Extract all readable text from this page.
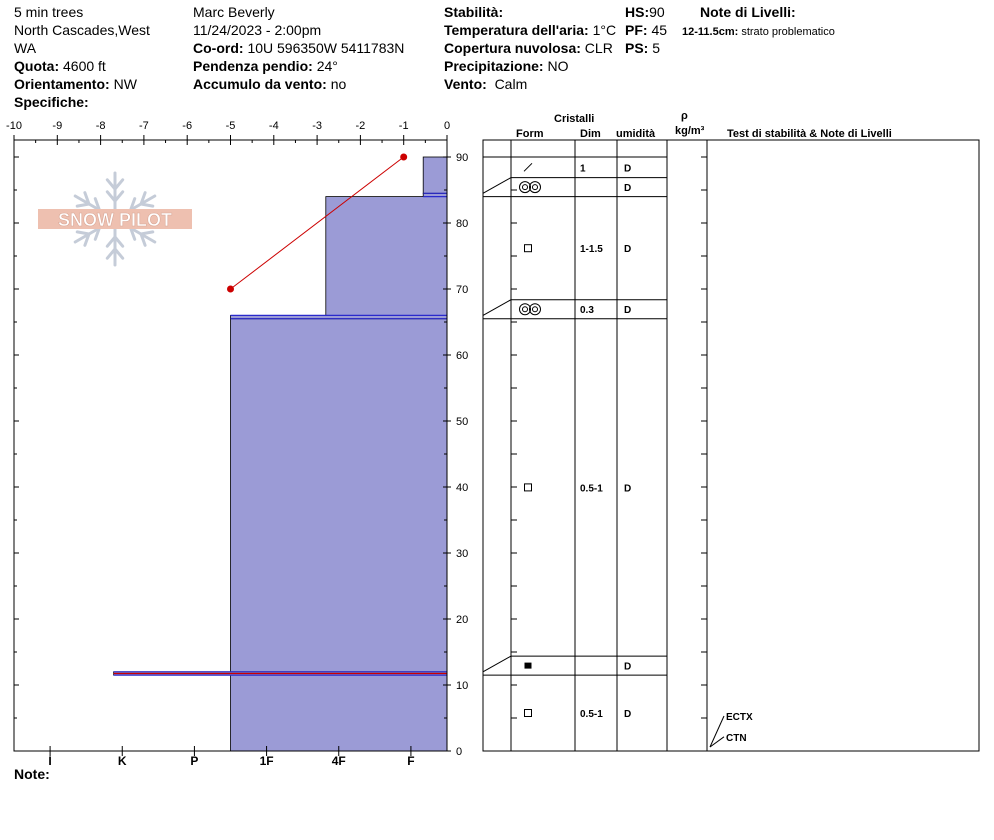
5 min trees
North Cascades,West
WA
Quota: 4600 ft
Orientamento: NW
Specifiche:
Marc Beverly
11/24/2023 - 2:00pm
Co-ord: 10U 596350W 5411783N
Pendenza pendio: 24°
Accumulo da vento: no
Stabilità:
Temperatura dell'aria: 1°C
Copertura nuvolosa: CLR
Precipitazione: NO
Vento: Calm
HS:90
PF: 45
PS: 5
Note di Livelli:
12-11.5cm: strato problematico
Note:
Cristalli
Form	Dim umidità
ρ
kg/m³ Test di stabilità & Note di Livelli
SNOW PILOT
-10	-9	-8	-7	-6	-5	-4	-3	-2	-1	0
0
10
20
30
40
50
60
70
80
90
I	K	P	1F	4F	F
1	D
D
1-1.5 D
0.3	D
0.5-1 D
D
0.5-1 D	ECTX
CTN
